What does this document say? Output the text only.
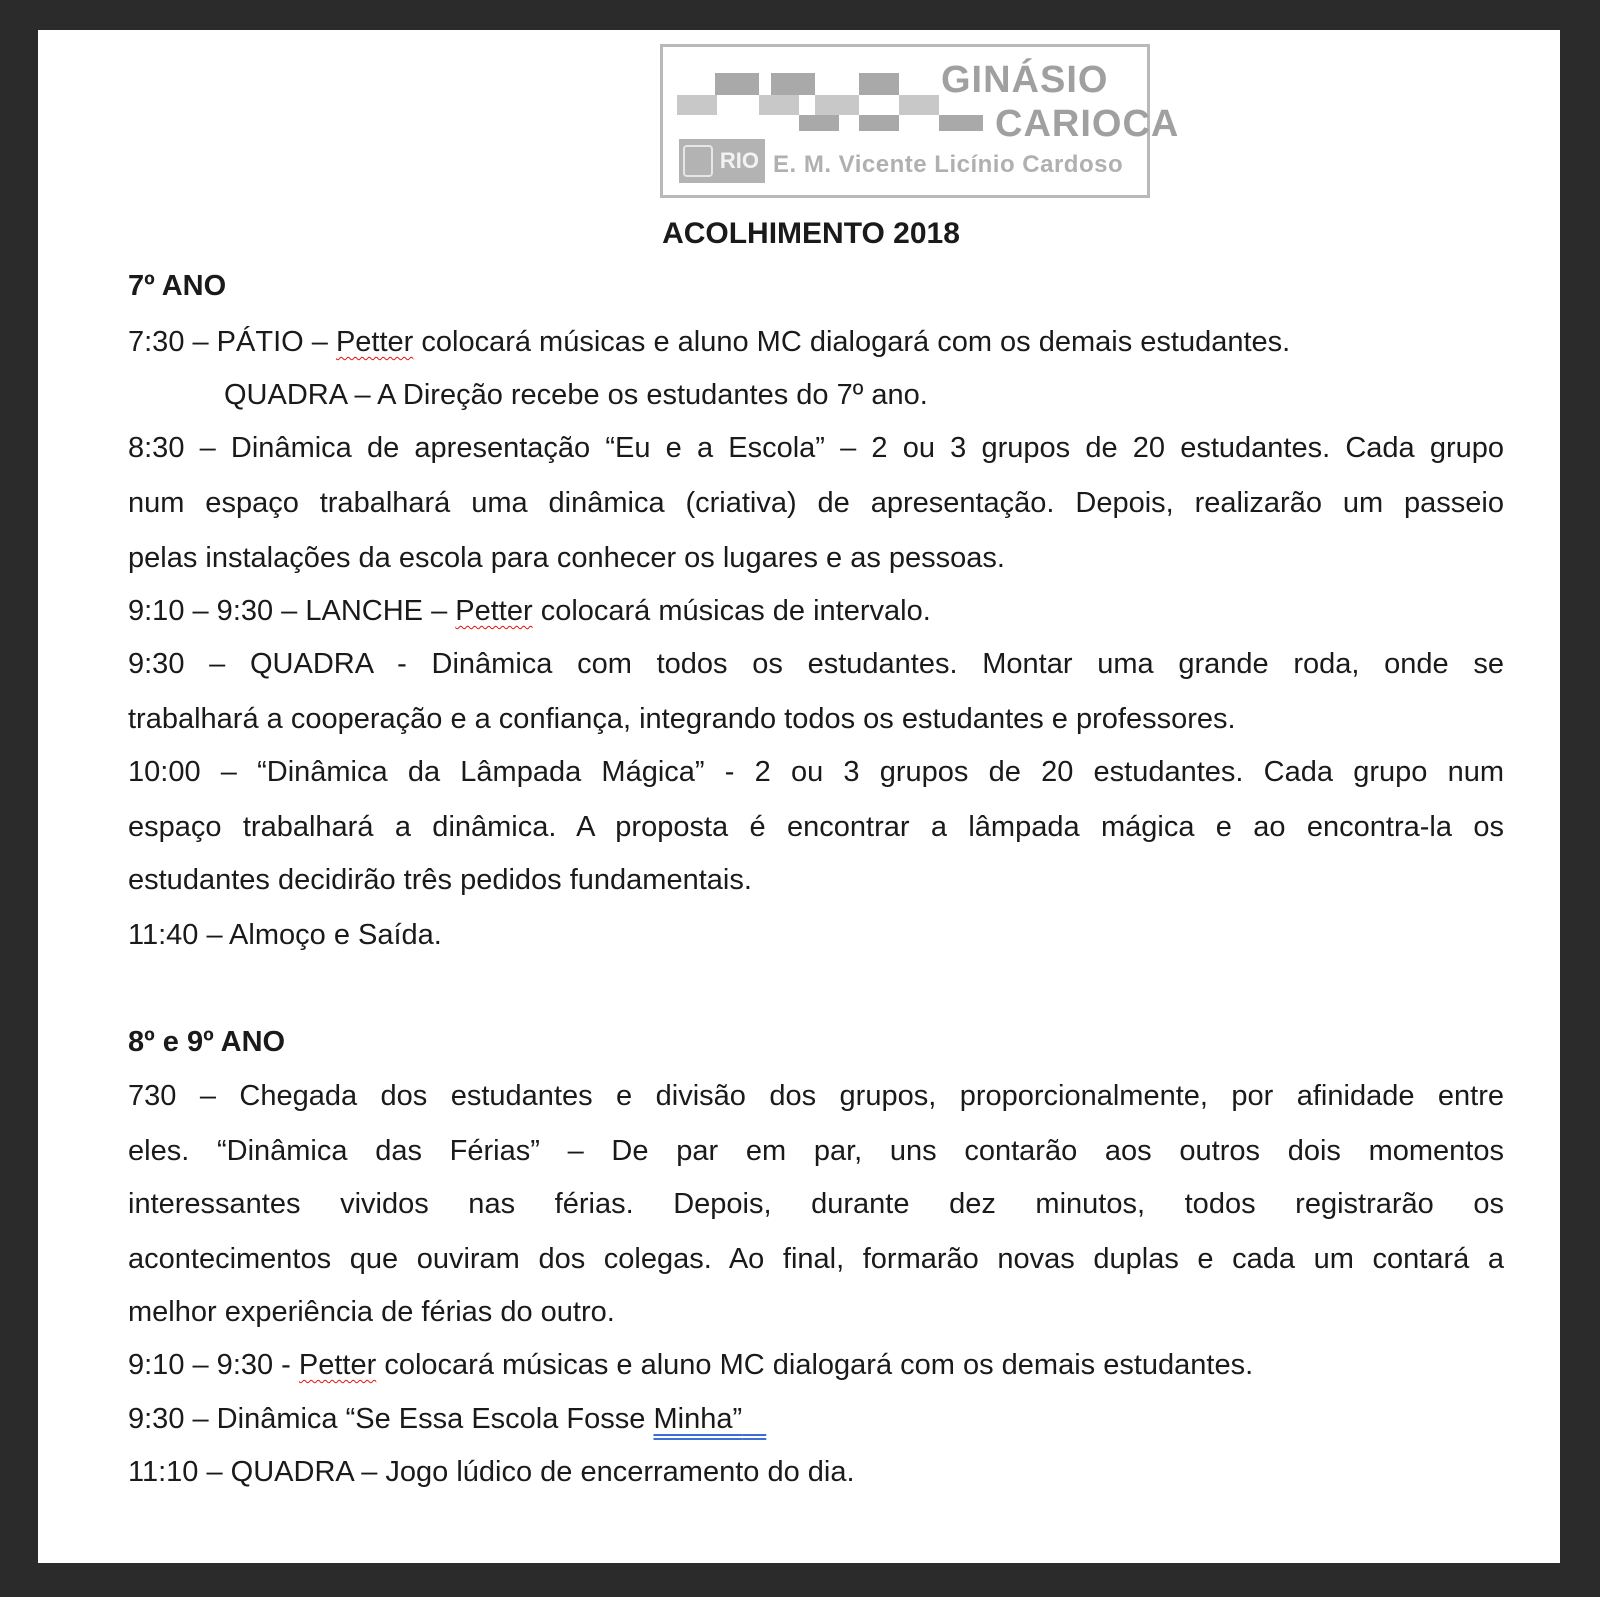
GINÁSIO
CARIOCA
RIO E. M. Vicente Licínio Cardoso
ACOLHIMENTO 2018
7º ANO
7:30 – PÁTIO – Petter colocará músicas e aluno MC dialogará com os demais estudantes.
QUADRA – A Direção recebe os estudantes do 7º ano.
8:30 – Dinâmica de apresentação “Eu e a Escola” – 2 ou 3 grupos de 20 estudantes. Cada grupo
num espaço trabalhará uma dinâmica (criativa) de apresentação. Depois, realizarão um passeio
pelas instalações da escola para conhecer os lugares e as pessoas.
9:10 – 9:30 – LANCHE – Petter colocará músicas de intervalo.
9:30 – QUADRA - Dinâmica com todos os estudantes. Montar uma grande roda, onde se
trabalhará a cooperação e a confiança, integrando todos os estudantes e professores.
10:00 – “Dinâmica da Lâmpada Mágica” - 2 ou 3 grupos de 20 estudantes. Cada grupo num
espaço trabalhará a dinâmica. A proposta é encontrar a lâmpada mágica e ao encontra-la os
estudantes decidirão três pedidos fundamentais.
11:40 – Almoço e Saída.
8º e 9º ANO
730 – Chegada dos estudantes e divisão dos grupos, proporcionalmente, por afinidade entre
eles. “Dinâmica das Férias” – De par em par, uns contarão aos outros dois momentos
interessantes vividos nas férias. Depois, durante dez minutos, todos registrarão os
acontecimentos que ouviram dos colegas. Ao final, formarão novas duplas e cada um contará a
melhor experiência de férias do outro.
9:10 – 9:30 - Petter colocará músicas e aluno MC dialogará com os demais estudantes.
9:30 – Dinâmica “Se Essa Escola Fosse Minha”
11:10 – QUADRA – Jogo lúdico de encerramento do dia.
